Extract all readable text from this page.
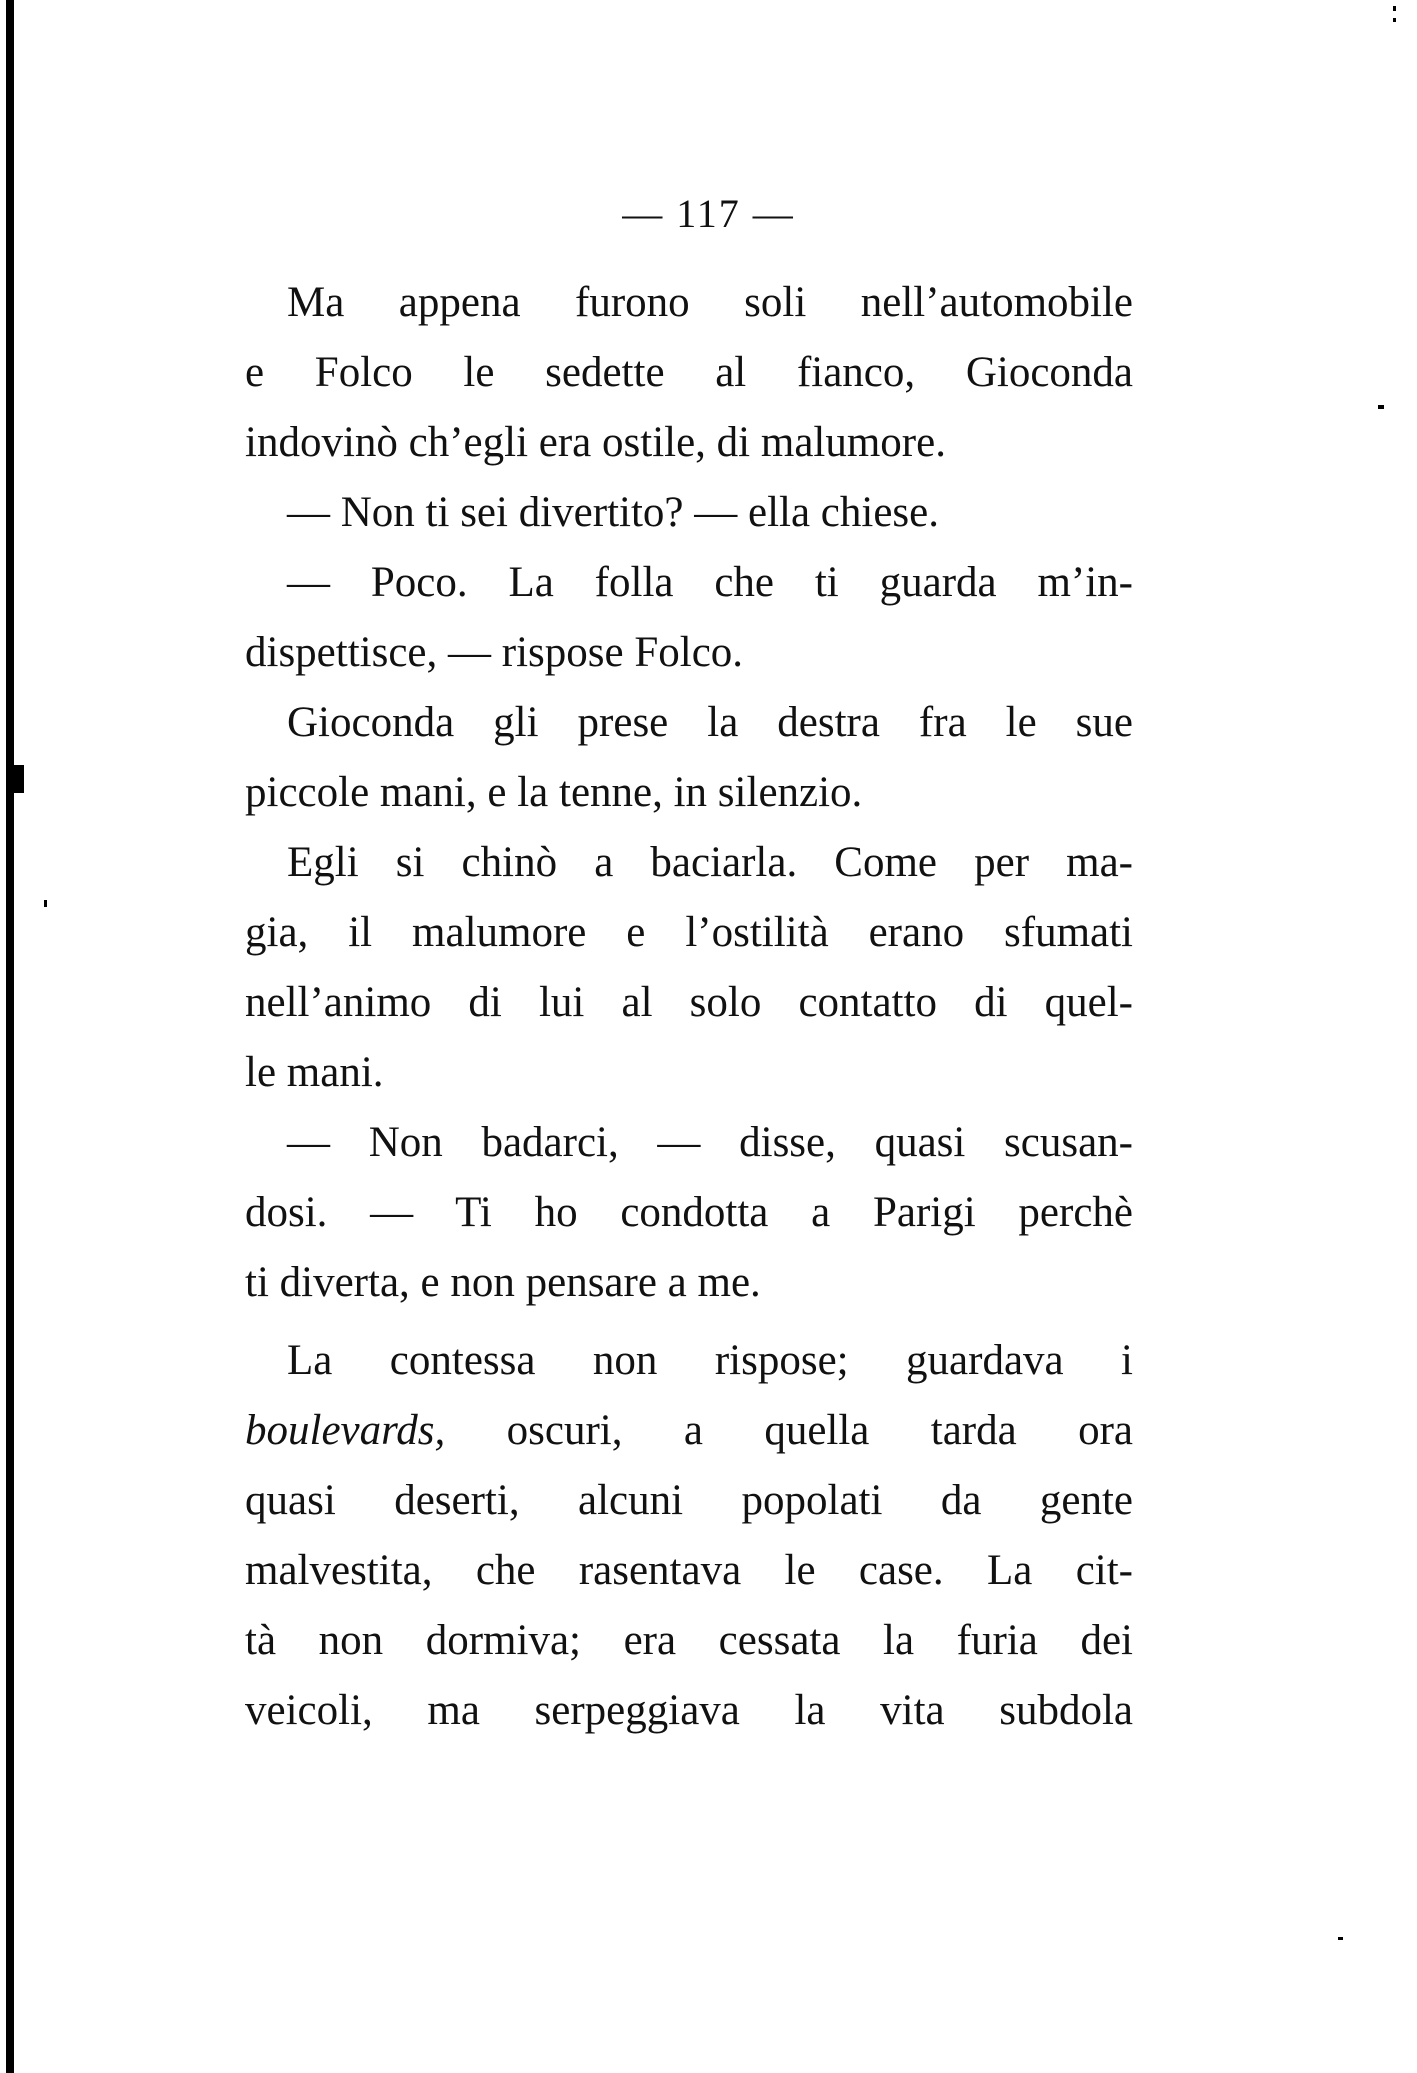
— 117 —
Ma appena furono soli nell’automobile
e Folco le sedette al fianco, Gioconda
indovinò ch’egli era ostile, di malumore.
— Non ti sei divertito? — ella chiese.
— Poco. La folla che ti guarda m’in-
dispettisce, — rispose Folco.
Gioconda gli prese la destra fra le sue
piccole mani, e la tenne, in silenzio.
Egli si chinò a baciarla. Come per ma-
gia, il malumore e l’ostilità erano sfumati
nell’animo di lui al solo contatto di quel-
le mani.
— Non badarci, — disse, quasi scusan-
dosi. — Ti ho condotta a Parigi perchè
ti diverta, e non pensare a me.
La contessa non rispose; guardava i
boulevards, oscuri, a quella tarda ora
quasi deserti, alcuni popolati da gente
malvestita, che rasentava le case. La cit-
tà non dormiva; era cessata la furia dei
veicoli, ma serpeggiava la vita subdola
